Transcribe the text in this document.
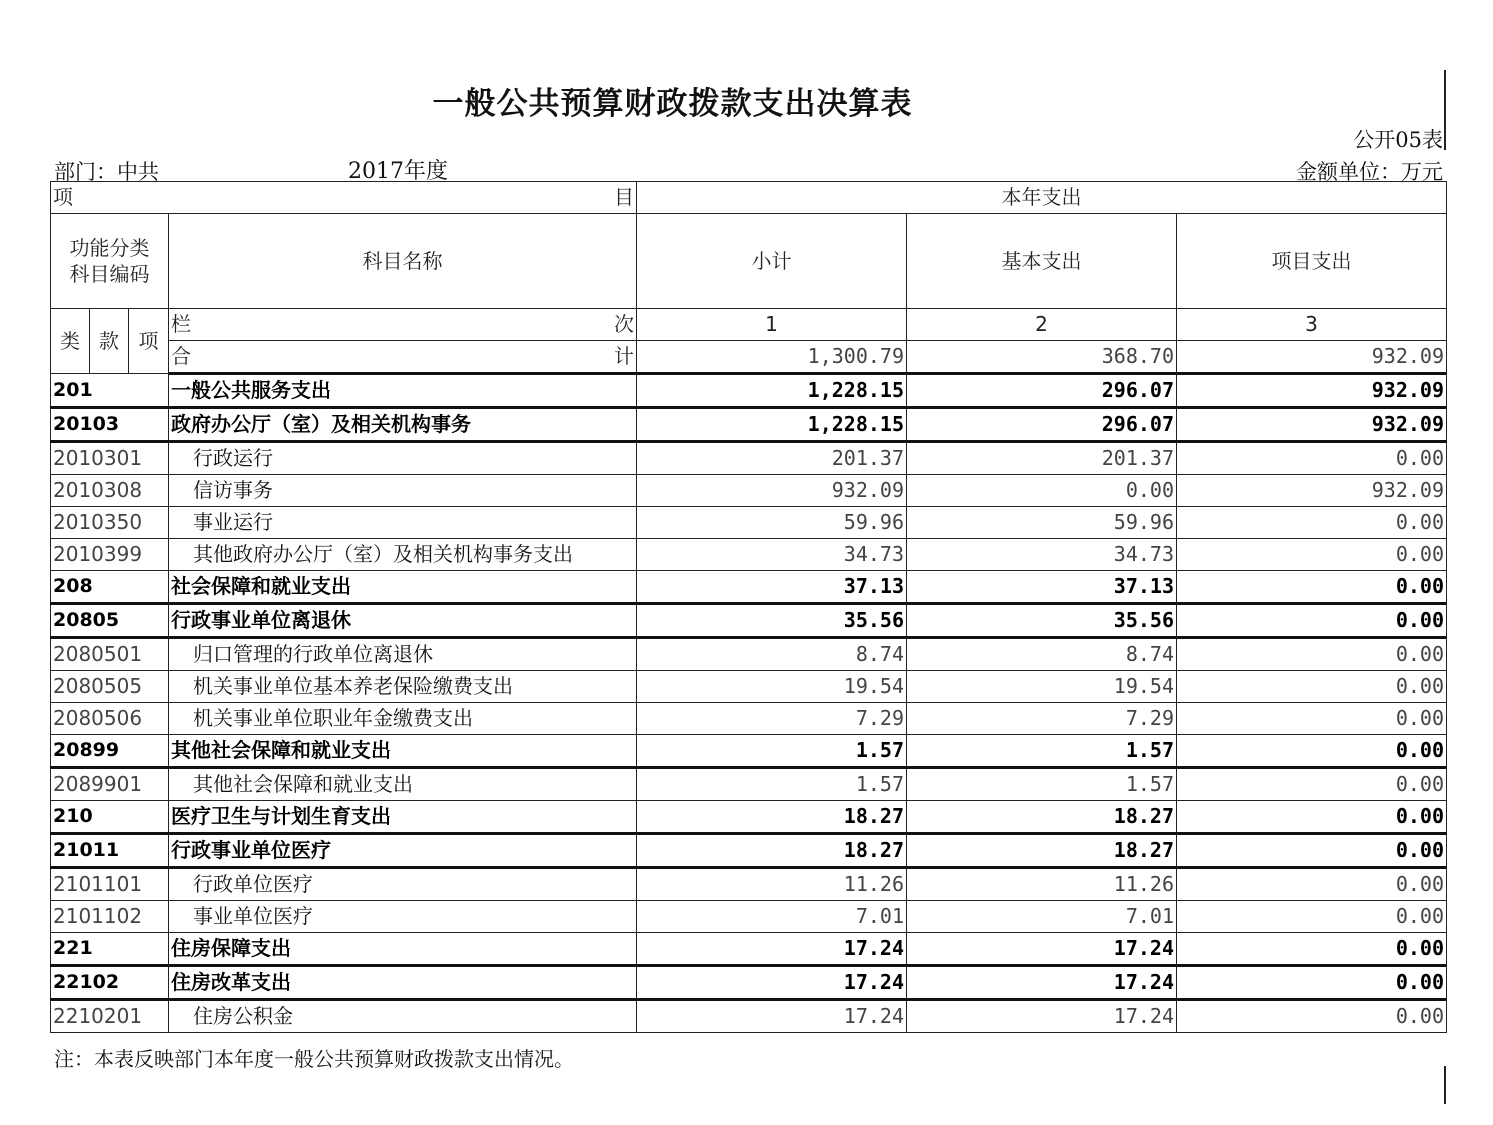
一般公共预算财政拨款支出决算表
公开05表
部门：中共	2017年度	金额单位：万元
项 目				本年支出		

功能分类
科目编码			科目名称	小计	基本支出	项目支出
类	款	项	栏 次	1	2	3

			合 计	1,300.79	368.70	932.09
201			一般公共服务支出	1,228.15	296.07	932.09
20103			政府办公厅（室）及相关机构事务	1,228.15	296.07	932.09
2010301			行政运行	201.37	201.37	0.00
2010308			信访事务	932.09	0.00	932.09
2010350			事业运行	59.96	59.96	0.00
2010399			其他政府办公厅（室）及相关机构事务支出	34.73	34.73	0.00
208			社会保障和就业支出	37.13	37.13	0.00
20805			行政事业单位离退休	35.56	35.56	0.00
2080501			归口管理的行政单位离退休	8.74	8.74	0.00
2080505			机关事业单位基本养老保险缴费支出	19.54	19.54	0.00
2080506			机关事业单位职业年金缴费支出	7.29	7.29	0.00
20899			其他社会保障和就业支出	1.57	1.57	0.00
2089901			其他社会保障和就业支出	1.57	1.57	0.00
210			医疗卫生与计划生育支出	18.27	18.27	0.00
21011			行政事业单位医疗	18.27	18.27	0.00
2101101			行政单位医疗	11.26	11.26	0.00
2101102			事业单位医疗	7.01	7.01	0.00
221			住房保障支出	17.24	17.24	0.00
22102			住房改革支出	17.24	17.24	0.00
2210201			住房公积金	17.24	17.24	0.00
注：本表反映部门本年度一般公共预算财政拨款支出情况。
